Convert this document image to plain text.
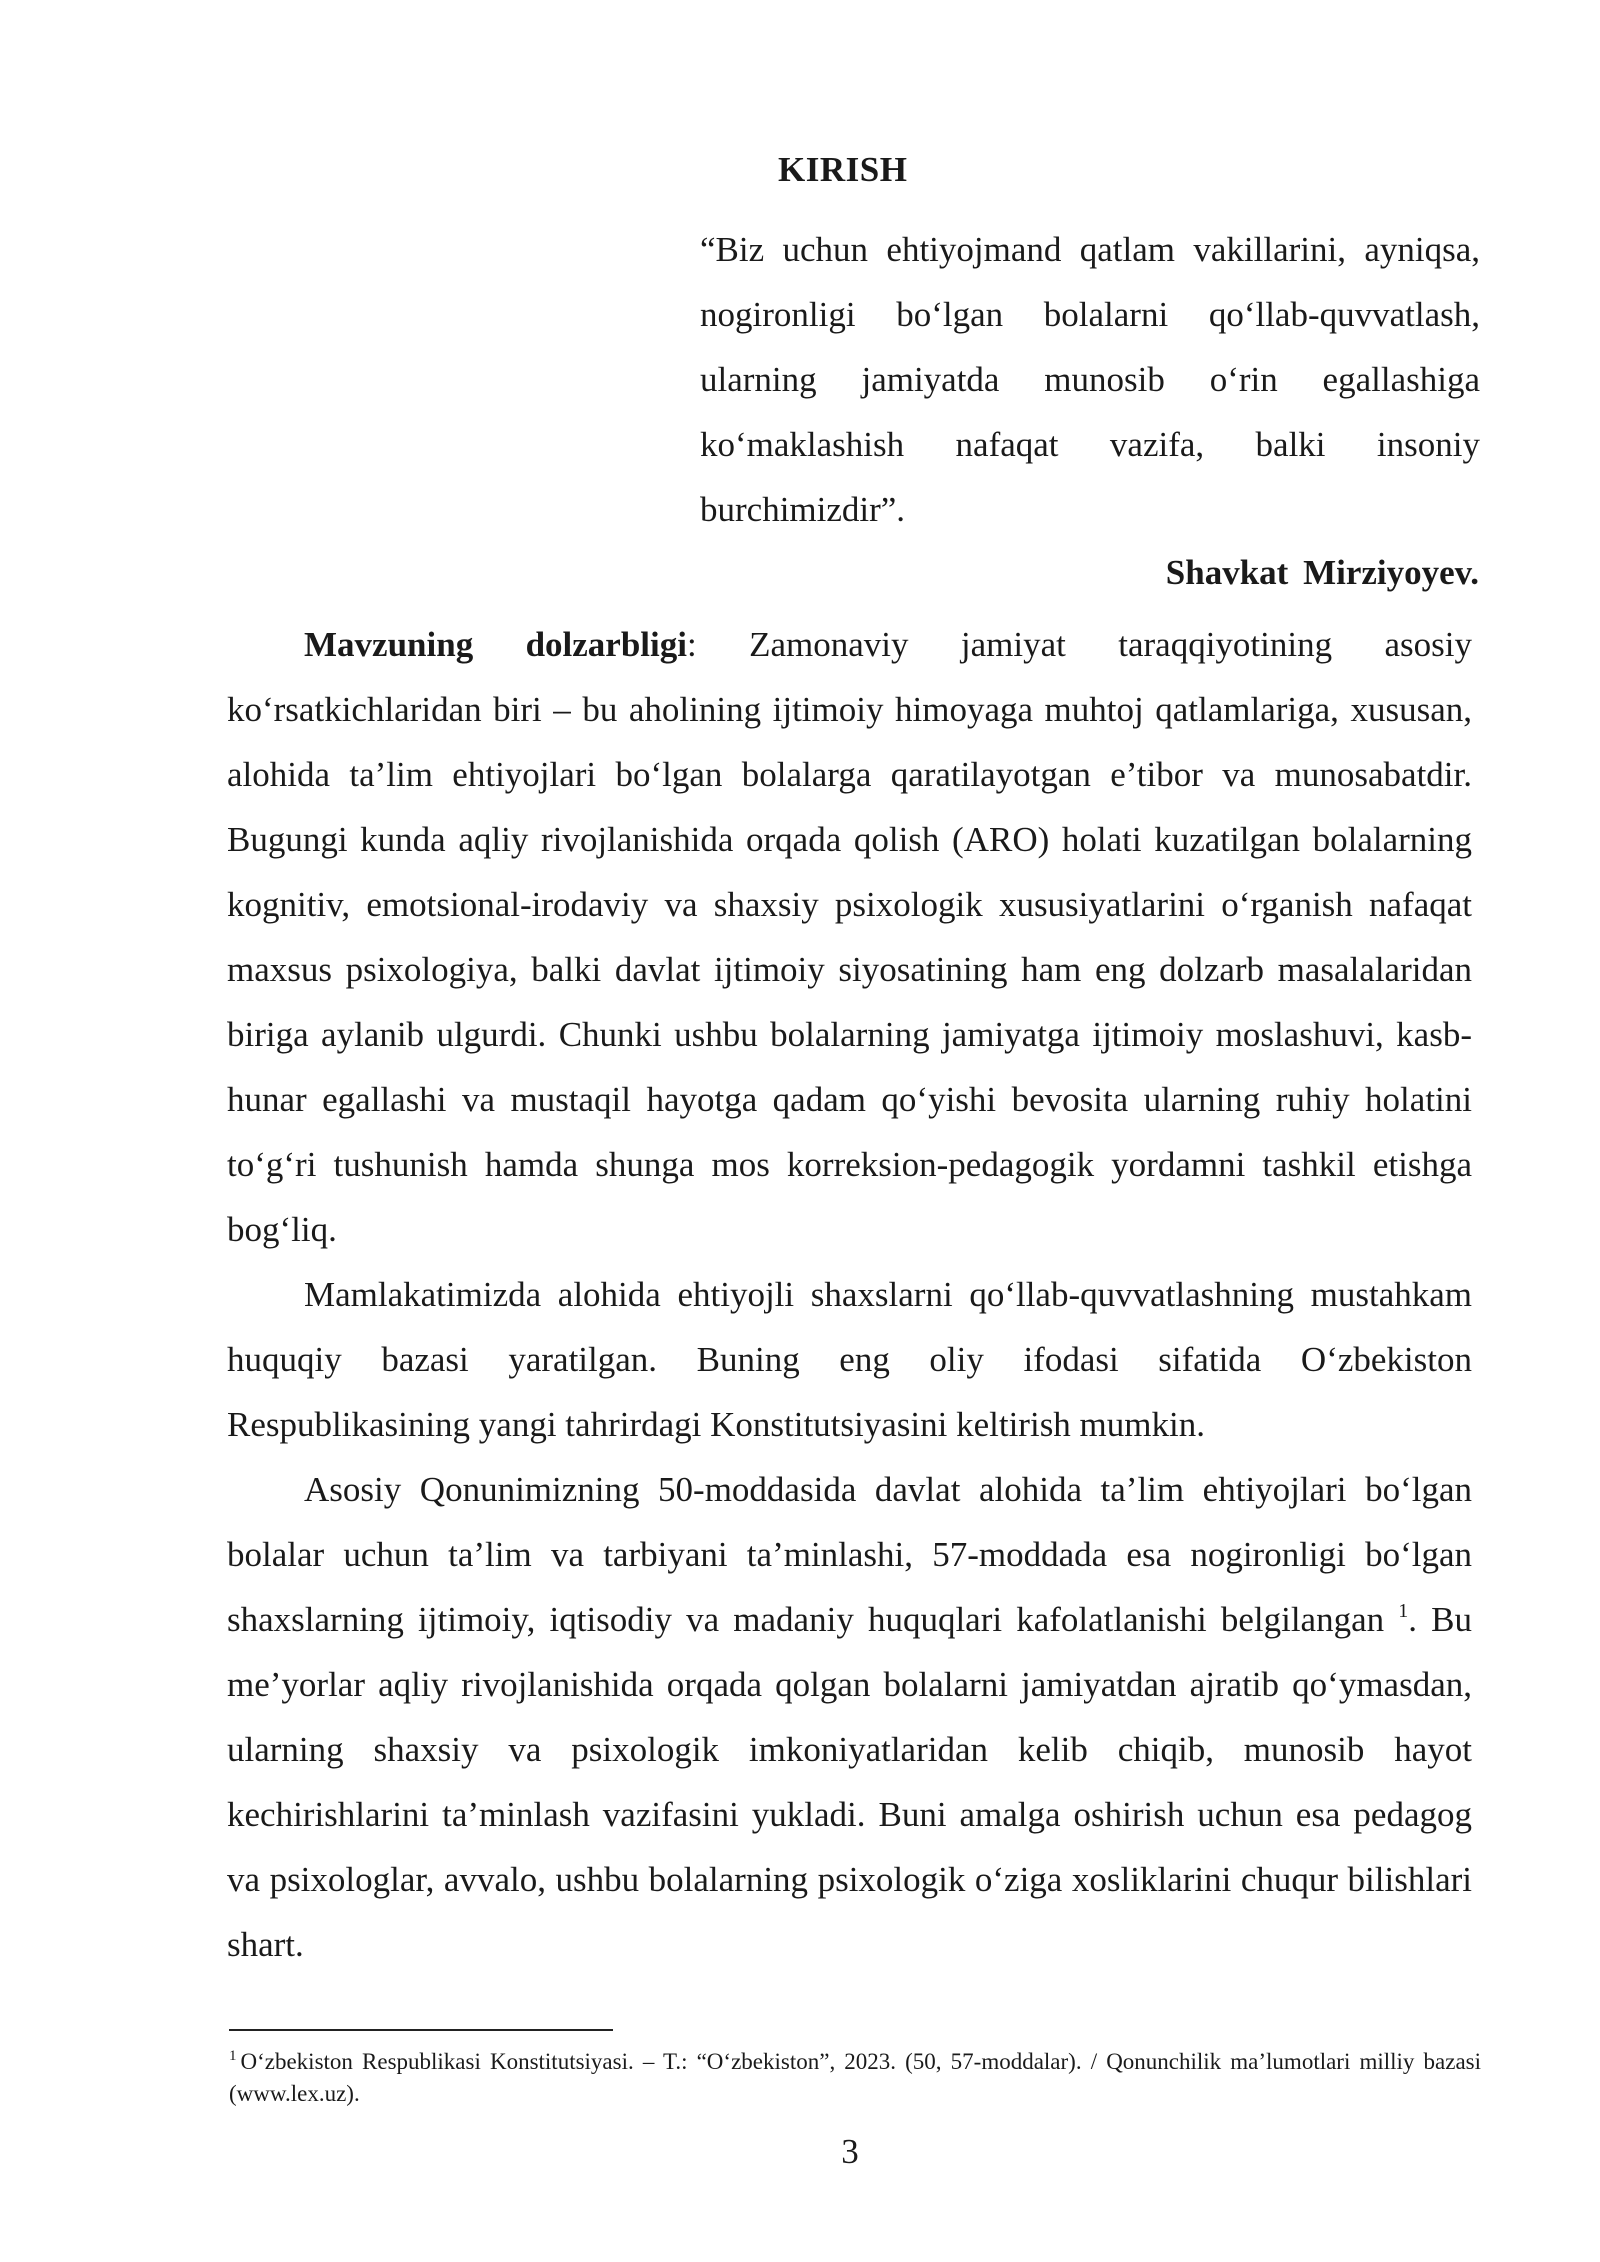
KIRISH

“Biz uchun ehtiyojmand qatlam vakillarini, ayniqsa, nogironligi bo‘lgan bolalarni qo‘llab-quvvatlash, ularning jamiyatda munosib o‘rin egallashiga ko‘maklashish nafaqat vazifa, balki insoniy burchimizdir”.

Shavkat Mirziyoyev.

Mavzuning dolzarbligi: Zamonaviy jamiyat taraqqiyotining asosiy ko‘rsatkichlaridan biri – bu aholining ijtimoiy himoyaga muhtoj qatlamlariga, xususan, alohida ta’lim ehtiyojlari bo‘lgan bolalarga qaratilayotgan e’tibor va munosabatdir. Bugungi kunda aqliy rivojlanishida orqada qolish (ARO) holati kuzatilgan bolalarning kognitiv, emotsional-irodaviy va shaxsiy psixologik xususiyatlarini o‘rganish nafaqat maxsus psixologiya, balki davlat ijtimoiy siyosatining ham eng dolzarb masalalaridan biriga aylanib ulgurdi. Chunki ushbu bolalarning jamiyatga ijtimoiy moslashuvi, kasb-hunar egallashi va mustaqil hayotga qadam qo‘yishi bevosita ularning ruhiy holatini to‘g‘ri tushunish hamda shunga mos korreksion-pedagogik yordamni tashkil etishga bog‘liq.

Mamlakatimizda alohida ehtiyojli shaxslarni qo‘llab-quvvatlashning mustahkam huquqiy bazasi yaratilgan. Buning eng oliy ifodasi sifatida O‘zbekiston Respublikasining yangi tahrirdagi Konstitutsiyasini keltirish mumkin.

Asosiy Qonunimizning 50-moddasida davlat alohida ta’lim ehtiyojlari bo‘lgan bolalar uchun ta’lim va tarbiyani ta’minlashi, 57-moddada esa nogironligi bo‘lgan shaxslarning ijtimoiy, iqtisodiy va madaniy huquqlari kafolatlanishi belgilangan $^1$. Bu me’yorlar aqliy rivojlanishida orqada qolgan bolalarni jamiyatdan ajratib qo‘ymasdan, ularning shaxsiy va psixologik imkoniyatlaridan kelib chiqib, munosib hayot kechirishlarini ta’minlash vazifasini yukladi. Buni amalga oshirish uchun esa pedagog va psixologlar, avvalo, ushbu bolalarning psixologik o‘ziga xosliklarini chuqur bilishlari shart.

$^1$ O‘zbekiston Respublikasi Konstitutsiyasi. – T.: “O‘zbekiston”, 2023. (50, 57-moddalar). / Qonunchilik ma’lumotlari milliy bazasi (www.lex.uz).

3
